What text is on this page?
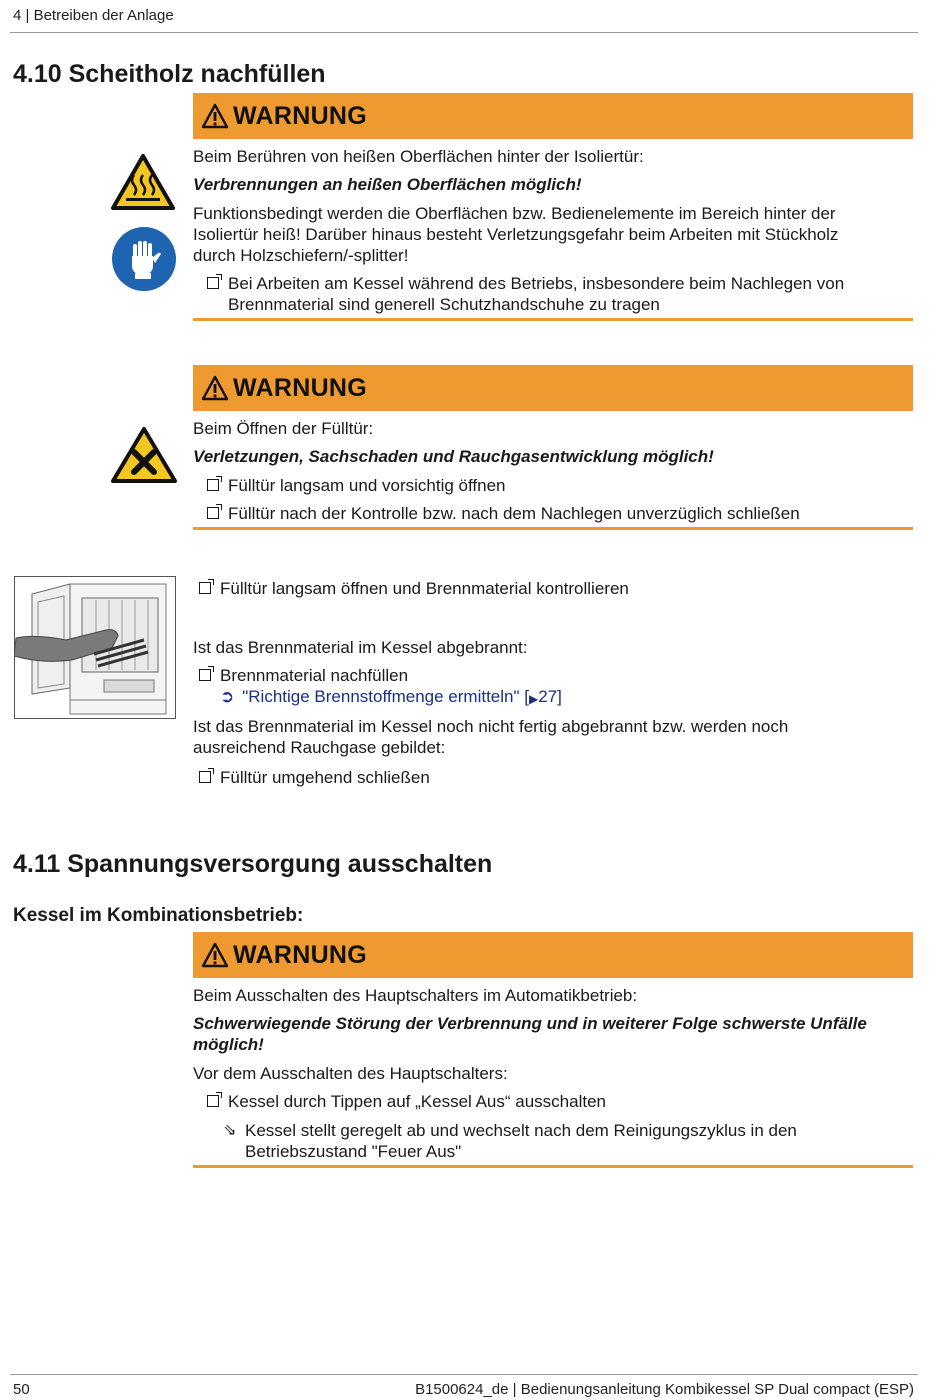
4 | Betreiben der Anlage
4.10 Scheitholz nachfüllen
WARNUNG
Beim Berühren von heißen Oberflächen hinter der Isoliertür:
Verbrennungen an heißen Oberflächen möglich!
Funktionsbedingt werden die Oberflächen bzw. Bedienelemente im Bereich hinter der
Isoliertür heiß! Darüber hinaus besteht Verletzungsgefahr beim Arbeiten mit Stückholz
durch Holzschiefern/-splitter!
Bei Arbeiten am Kessel während des Betriebs, insbesondere beim Nachlegen von
Brennmaterial sind generell Schutzhandschuhe zu tragen
WARNUNG
Beim Öffnen der Fülltür:
Verletzungen, Sachschaden und Rauchgasentwicklung möglich!
Fülltür langsam und vorsichtig öffnen
Fülltür nach der Kontrolle bzw. nach dem Nachlegen unverzüglich schließen
Fülltür langsam öffnen und Brennmaterial kontrollieren
Ist das Brennmaterial im Kessel abgebrannt:
Brennmaterial nachfüllen
➲ "Richtige Brennstoffmenge ermitteln" [ ▶ 27]
Ist das Brennmaterial im Kessel noch nicht fertig abgebrannt bzw. werden noch
ausreichend Rauchgase gebildet:
Fülltür umgehend schließen
4.11 Spannungsversorgung ausschalten
Kessel im Kombinationsbetrieb:
WARNUNG
Beim Ausschalten des Hauptschalters im Automatikbetrieb:
Schwerwiegende Störung der Verbrennung und in weiterer Folge schwerste Unfälle
möglich!
Vor dem Ausschalten des Hauptschalters:
Kessel durch Tippen auf „Kessel Aus“ ausschalten
⇘ Kessel stellt geregelt ab und wechselt nach dem Reinigungszyklus in den
Betriebszustand "Feuer Aus"
50	B1500624_de | Bedienungsanleitung Kombikessel SP Dual compact (ESP)
